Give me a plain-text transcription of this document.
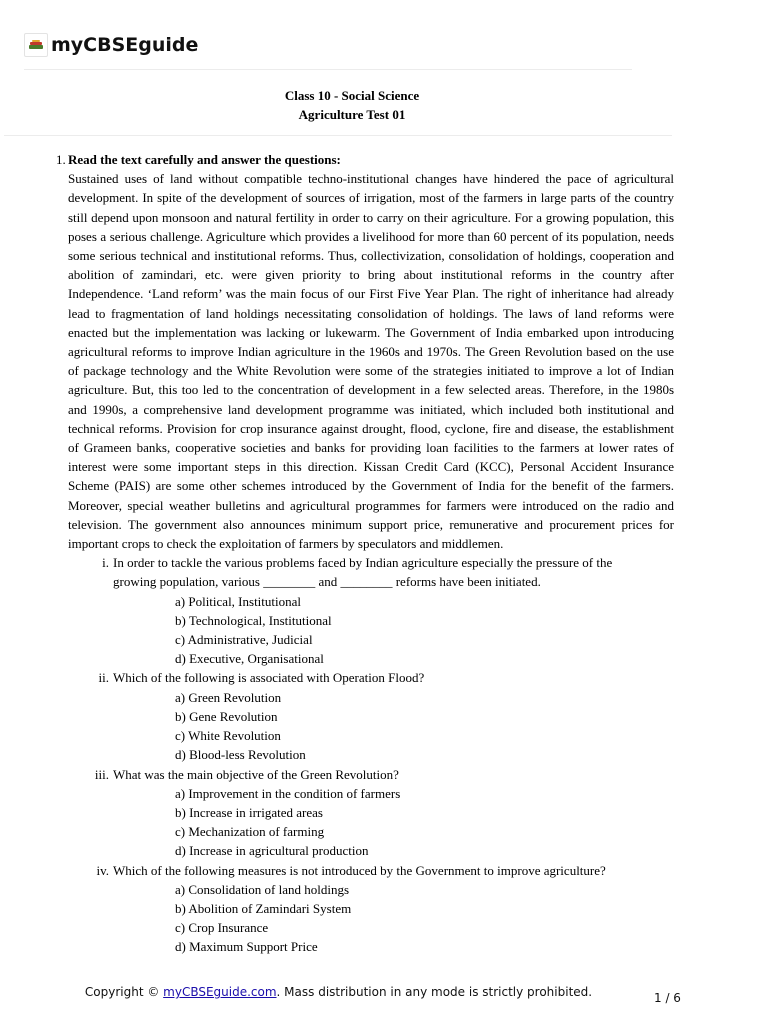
myCBSEguide
Class 10 - Social Science
Agriculture Test 01
1. Read the text carefully and answer the questions:
Sustained uses of land without compatible techno-institutional changes have hindered the pace of agricultural development. In spite of the development of sources of irrigation, most of the farmers in large parts of the country still depend upon monsoon and natural fertility in order to carry on their agriculture. For a growing population, this poses a serious challenge. Agriculture which provides a livelihood for more than 60 percent of its population, needs some serious technical and institutional reforms. Thus, collectivization, consolidation of holdings, cooperation and abolition of zamindari, etc. were given priority to bring about institutional reforms in the country after Independence. ‘Land reform’ was the main focus of our First Five Year Plan. The right of inheritance had already lead to fragmentation of land holdings necessitating consolidation of holdings. The laws of land reforms were enacted but the implementation was lacking or lukewarm. The Government of India embarked upon introducing agricultural reforms to improve Indian agriculture in the 1960s and 1970s. The Green Revolution based on the use of package technology and the White Revolution were some of the strategies initiated to improve a lot of Indian agriculture. But, this too led to the concentration of development in a few selected areas. Therefore, in the 1980s and 1990s, a comprehensive land development programme was initiated, which included both institutional and technical reforms. Provision for crop insurance against drought, flood, cyclone, fire and disease, the establishment of Grameen banks, cooperative societies and banks for providing loan facilities to the farmers at lower rates of interest were some important steps in this direction. Kissan Credit Card (KCC), Personal Accident Insurance Scheme (PAIS) are some other schemes introduced by the Government of India for the benefit of the farmers. Moreover, special weather bulletins and agricultural programmes for farmers were introduced on the radio and television. The government also announces minimum support price, remunerative and procurement prices for important crops to check the exploitation of farmers by speculators and middlemen.
i. In order to tackle the various problems faced by Indian agriculture especially the pressure of the growing population, various ________ and ________ reforms have been initiated.
a) Political, Institutional
b) Technological, Institutional
c) Administrative, Judicial
d) Executive, Organisational
ii. Which of the following is associated with Operation Flood?
a) Green Revolution
b) Gene Revolution
c) White Revolution
d) Blood-less Revolution
iii. What was the main objective of the Green Revolution?
a) Improvement in the condition of farmers
b) Increase in irrigated areas
c) Mechanization of farming
d) Increase in agricultural production
iv. Which of the following measures is not introduced by the Government to improve agriculture?
a) Consolidation of land holdings
b) Abolition of Zamindari System
c) Crop Insurance
d) Maximum Support Price
Copyright © myCBSEguide.com. Mass distribution in any mode is strictly prohibited.	1 / 6
